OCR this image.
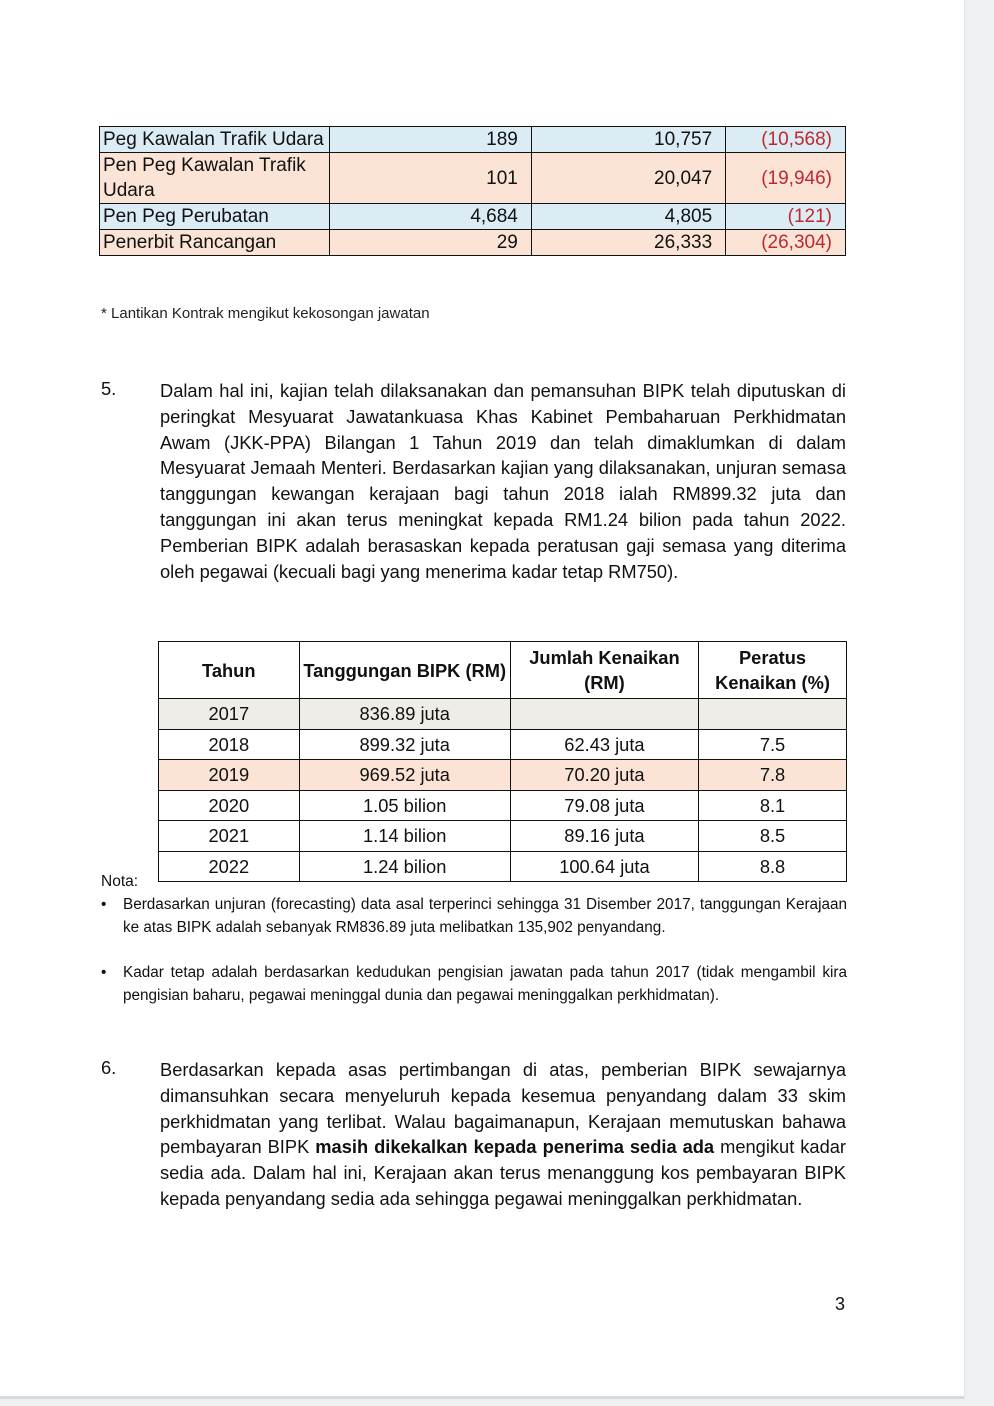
Peg Kawalan Trafik Udara	189	10,757	(10,568)
Pen Peg Kawalan Trafik Udara	101	20,047	(19,946)
Pen Peg Perubatan	4,684	4,805	(121)
Penerbit Rancangan	29	26,333	(26,304)
* Lantikan Kontrak mengikut kekosongan jawatan
5. Dalam hal ini, kajian telah dilaksanakan dan pemansuhan BIPK telah diputuskan di peringkat Mesyuarat Jawatankuasa Khas Kabinet Pembaharuan Perkhidmatan Awam (JKK-PPA) Bilangan 1 Tahun 2019 dan telah dimaklumkan di dalam Mesyuarat Jemaah Menteri. Berdasarkan kajian yang dilaksanakan, unjuran semasa tanggungan kewangan kerajaan bagi tahun 2018 ialah RM899.32 juta dan tanggungan ini akan terus meningkat kepada RM1.24 bilion pada tahun 2022. Pemberian BIPK adalah berasaskan kepada peratusan gaji semasa yang diterima oleh pegawai (kecuali bagi yang menerima kadar tetap RM750).
Tahun	Tanggungan BIPK (RM)	Jumlah Kenaikan (RM)	Peratus Kenaikan (%)
2017	836.89 juta		
2018	899.32 juta	62.43 juta	7.5
2019	969.52 juta	70.20 juta	7.8
2020	1.05 bilion	79.08 juta	8.1
2021	1.14 bilion	89.16 juta	8.5
2022	1.24 bilion	100.64 juta	8.8
Nota:
• Berdasarkan unjuran (forecasting) data asal terperinci sehingga 31 Disember 2017, tanggungan Kerajaan ke atas BIPK adalah sebanyak RM836.89 juta melibatkan 135,902 penyandang.
• Kadar tetap adalah berdasarkan kedudukan pengisian jawatan pada tahun 2017 (tidak mengambil kira pengisian baharu, pegawai meninggal dunia dan pegawai meninggalkan perkhidmatan).
6. Berdasarkan kepada asas pertimbangan di atas, pemberian BIPK sewajarnya dimansuhkan secara menyeluruh kepada kesemua penyandang dalam 33 skim perkhidmatan yang terlibat. Walau bagaimanapun, Kerajaan memutuskan bahawa pembayaran BIPK masih dikekalkan kepada penerima sedia ada mengikut kadar sedia ada. Dalam hal ini, Kerajaan akan terus menanggung kos pembayaran BIPK kepada penyandang sedia ada sehingga pegawai meninggalkan perkhidmatan.
3
